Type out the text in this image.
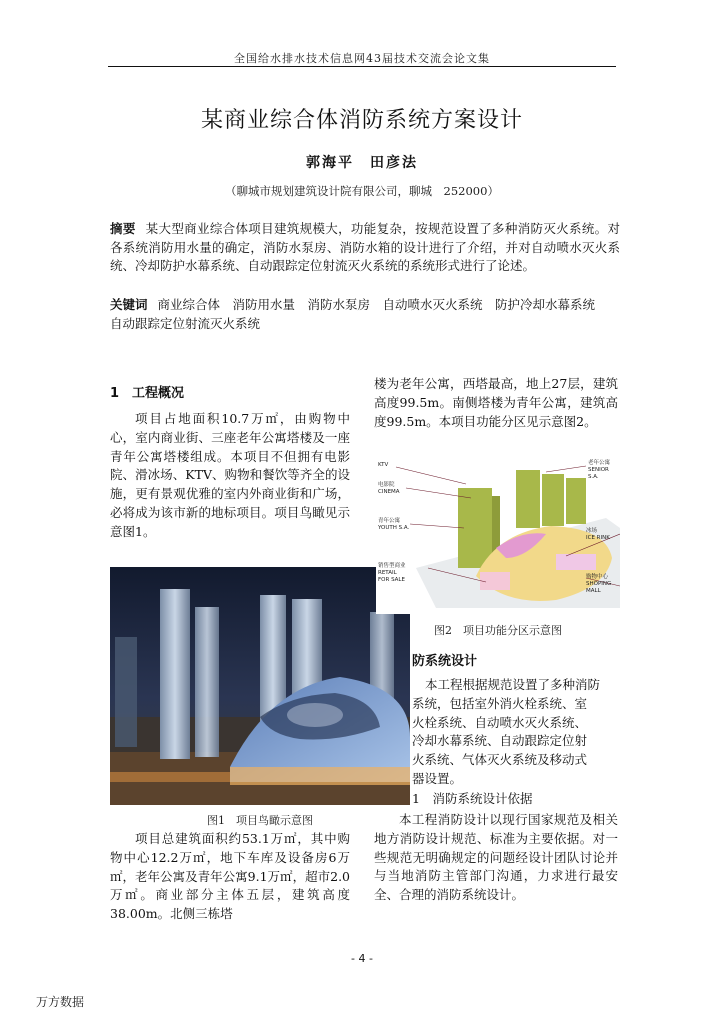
全国给水排水技术信息网43届技术交流会论文集
某商业综合体消防系统方案设计
郭海平　田彦法
（聊城市规划建筑设计院有限公司，聊城　252000）
摘要 某大型商业综合体项目建筑规模大，功能复杂，按规范设置了多种消防灭火系统。对各系统消防用水量的确定，消防水泵房、消防水箱的设计进行了介绍，并对自动喷水灭火系统、冷却防护水幕系统、自动跟踪定位射流灭火系统的系统形式进行了论述。
关键词 商业综合体　消防用水量　消防水泵房　自动喷水灭火系统　防护冷却水幕系统　自动跟踪定位射流灭火系统
1　工程概况
项目占地面积10.7万㎡，由购物中心，室内商业街、三座老年公寓塔楼及一座青年公寓塔楼组成。本项目不但拥有电影院、滑冰场、KTV、购物和餐饮等齐全的设施，更有景观优雅的室内外商业街和广场，必将成为该市新的地标项目。项目鸟瞰见示意图1。
图1　项目鸟瞰示意图
项目总建筑面积约53.1万㎡，其中购物中心12.2万㎡，地下车库及设备房6万㎡，老年公寓及青年公寓9.1万㎡，超市2.0万㎡。商业部分主体五层，建筑高度38.00m。北侧三栋塔
楼为老年公寓，西塔最高，地上27层，建筑高度99.5m。南侧塔楼为青年公寓，建筑高度99.5m。本项目功能分区见示意图2。
KTV
电影院
CINEMA
青年公寓
YOUTH S.A.
销售型商业
RETAIL
FOR SALE
老年公寓
SENIOR
S.A.
冰场
ICE RINK
购物中心
SHOPING
MALL
图2　项目功能分区示意图
防系统设计
本工程根据规范设置了多种消防
系统，包括室外消火栓系统、室
火栓系统、自动喷水灭火系统、
冷却水幕系统、自动跟踪定位射
火系统、气体灭火系统及移动式
器设置。
1　消防系统设计依据
本工程消防设计以现行国家规范及相关地方消防设计规范、标准为主要依据。对一些规范无明确规定的问题经设计团队讨论并与当地消防主管部门沟通，力求进行最安全、合理的消防系统设计。
- 4 -
万方数据
